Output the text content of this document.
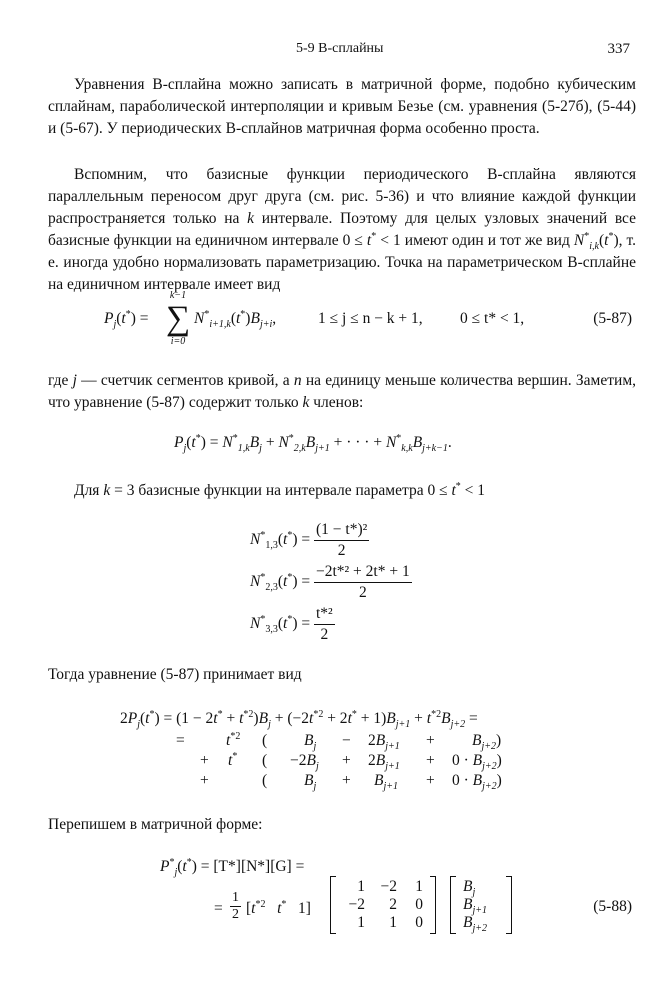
5-9 B-сплайны	337

Уравнения B-сплайна можно записать в матричной форме, подобно кубическим сплайнам, параболической интерполяции и кривым Безье (см. уравнения (5-27б), (5-44) и (5-67). У периодических B-сплайнов матричная форма особенно проста.

Вспомним, что базисные функции периодического B-сплайна являются параллельным переносом друг друга (см. рис. 5-36) и что влияние каждой функции распространяется только на k интервале. Поэтому для целых узловых значений все базисные функции на единичном интервале 0 ≤ t* < 1 имеют один и тот же вид $N^*_{i,k}(t^*)$, т. е. иногда удобно нормализовать параметризацию. Точка на параметрическом B-сплайне на единичном интервале имеет вид

$P_j(t^*)$ =
k−1
∑
i=0
$N^*_{i+1,k}(t^*)B_{j+i}$,	1 ≤ j ≤ n − k + 1, 0 ≤ t* < 1,	(5-87)

где j — счетчик сегментов кривой, а n на единицу меньше количества вершин. Заметим, что уравнение (5-87) содержит только k членов:

$P_j(t^*) = N^*_{1,k}B_j + N^*_{2,k}B_{j+1}$ + · · · + $N^*_{k,k}B_{j+k-1}$.

Для k = 3 базисные функции на интервале параметра 0 ≤ t* < 1

$N^*_{1,3}(t^*) = \frac{\text{(1 − t*)²}}{2}$
$N^*_{2,3}(t^*) = \frac{\text{−2t*² + 2t* + 1}}{2}$
$N^*_{3,3}(t^*) = \frac{\text{t*²}}{2}$

Тогда уравнение (5-87) принимает вид

$2P_j(t^*) = (1 - 2t^* + t^{*2})B_j + (-2t^{*2} + 2t^* + 1)B_{j+1} + t^{*2}B_{j+2}$ =
=	$t^{*2}$ ( $B_j - 2B_{j+1} + B_{j+2}$)
+ t* ( $-2B_j + 2B_{j+1} + 0 \cdot B_{j+2}$)
+	( $B_j + B_{j+1} + 0 \cdot B_{j+2}$)

Перепишем в матричной форме:

$P^*_j(t^*) = [T*][N*][G]$ =
= $\frac{1}{2} [t^{*2}$ t*   1]
1 −2 1
−2 2 0
1 1 0
$B_j$
$B_{j+1}$
$B_{j+2}$
(5-88)
